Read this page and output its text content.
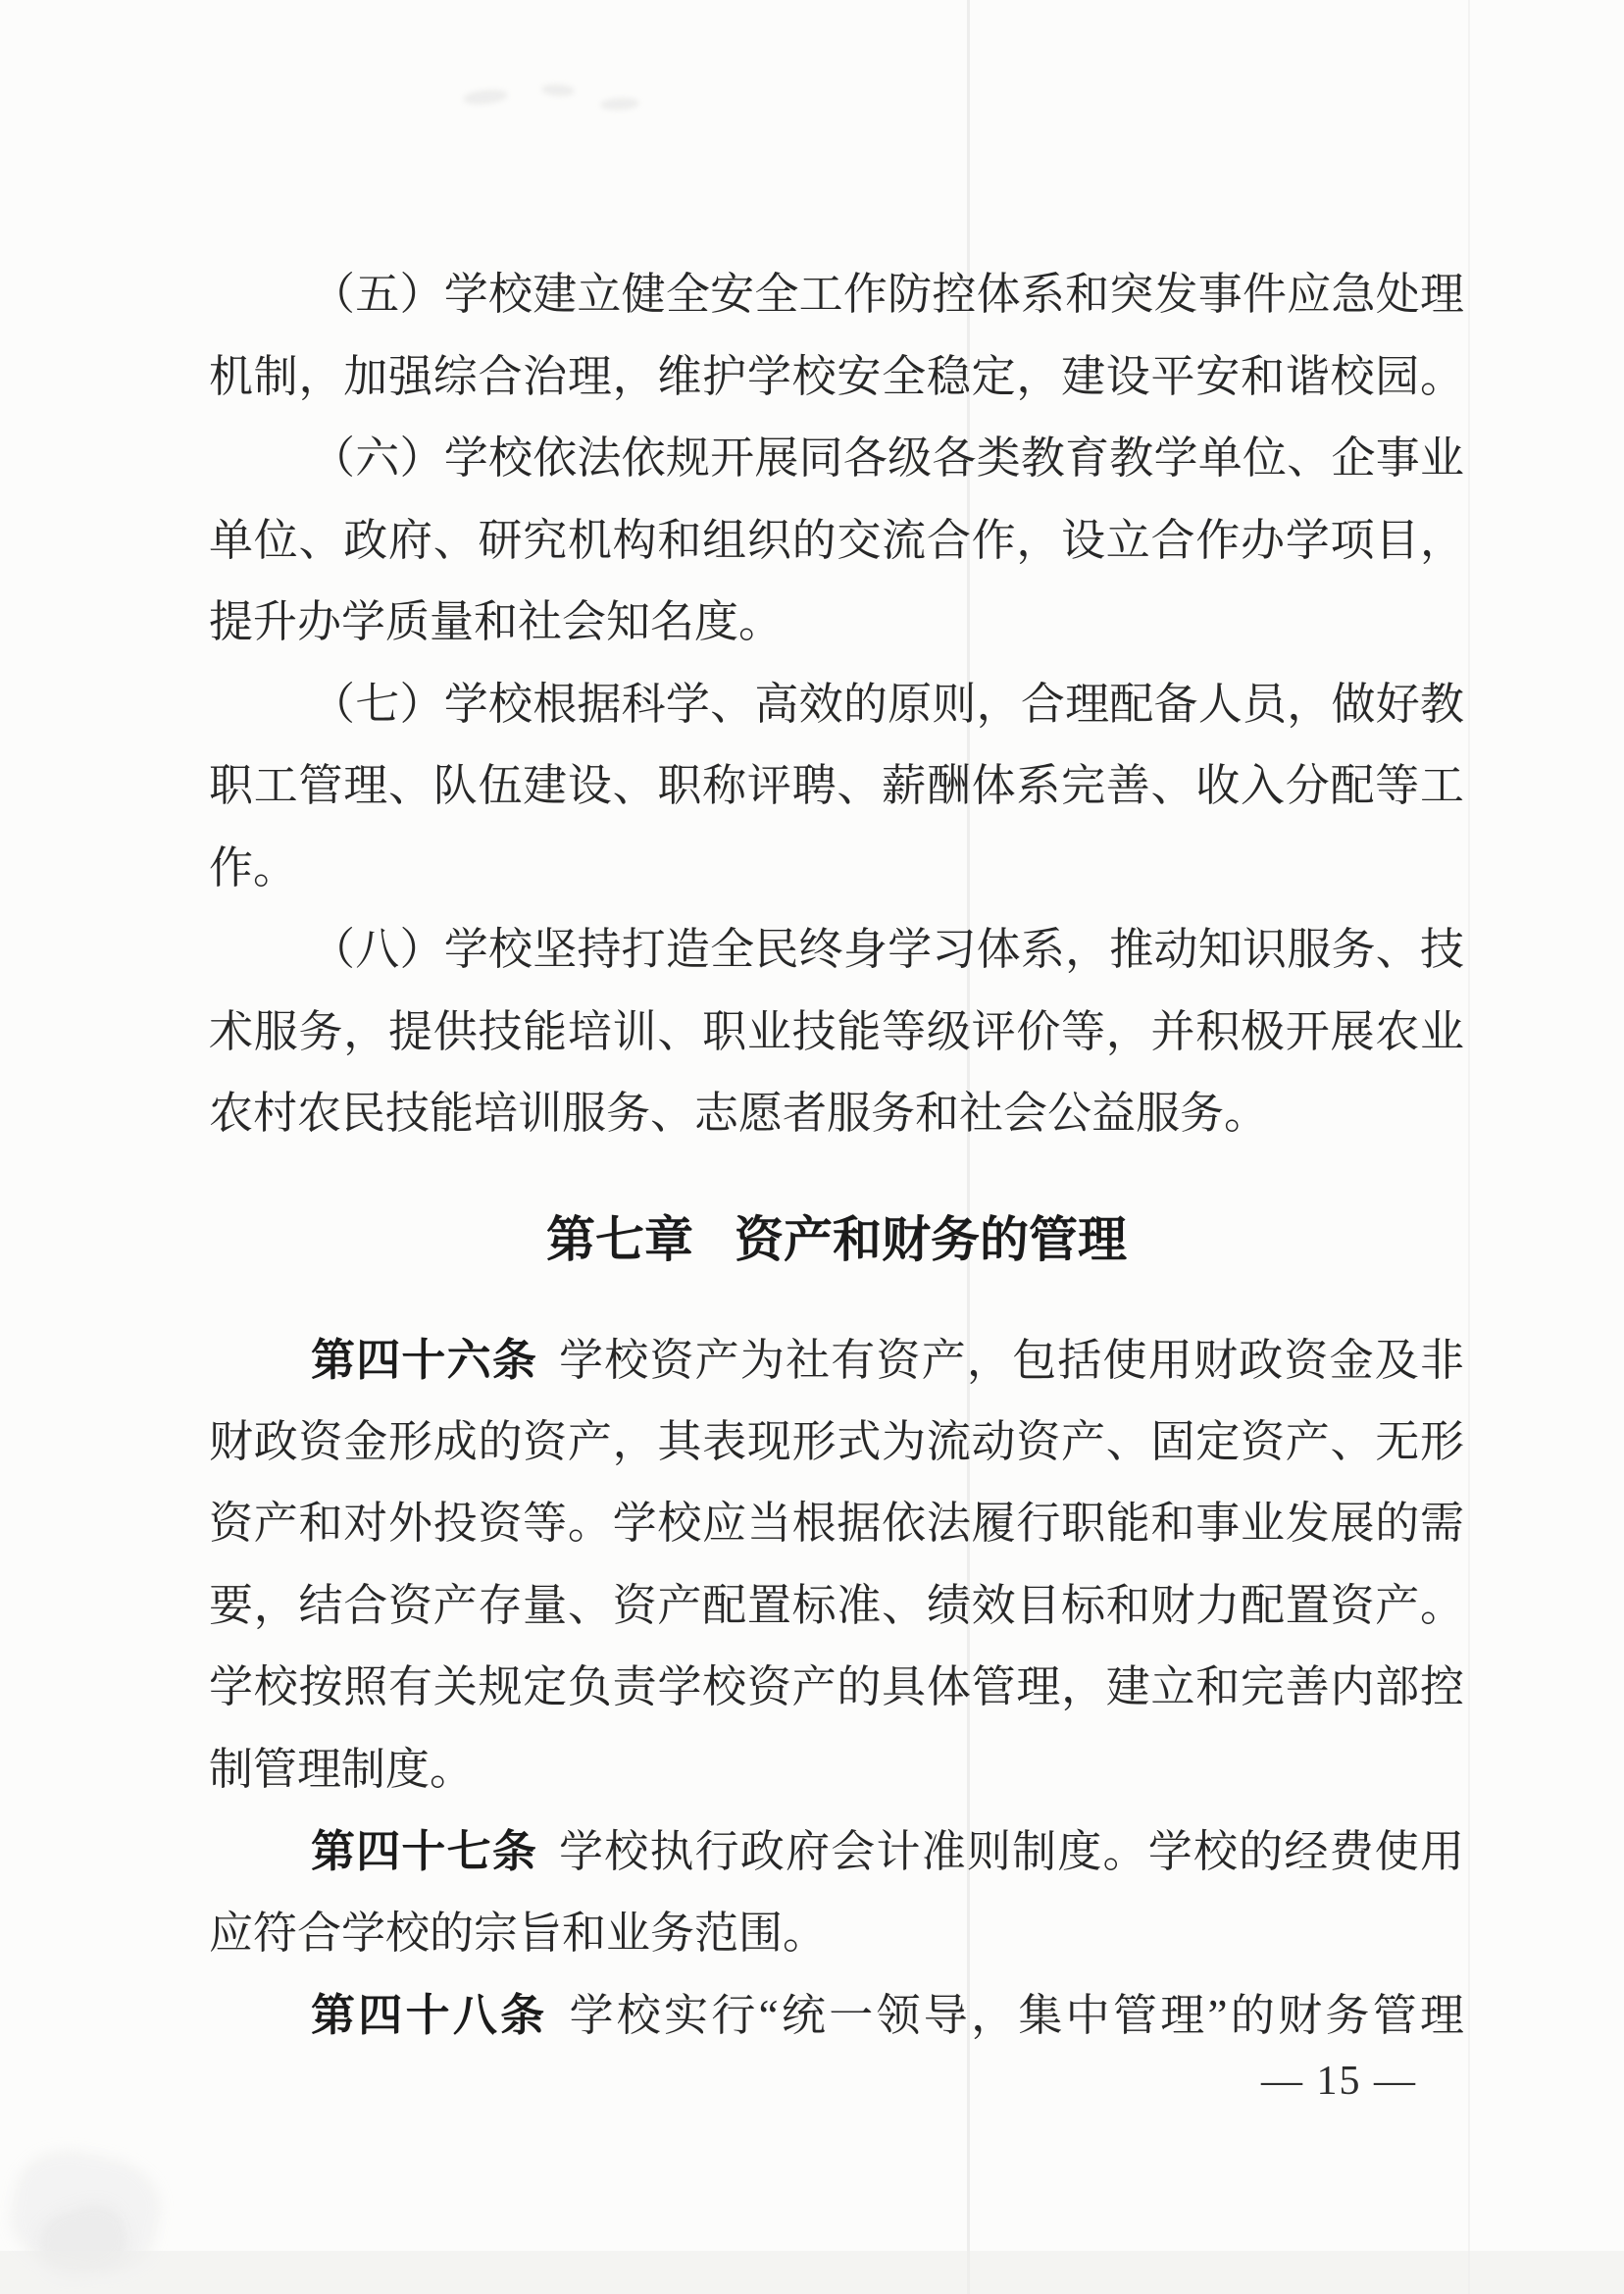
（五）学校建立健全安全工作防控体系和突发事件应急处理
机制，加强综合治理，维护学校安全稳定，建设平安和谐校园。
（六）学校依法依规开展同各级各类教育教学单位、企事业
单位、政府、研究机构和组织的交流合作，设立合作办学项目，
提升办学质量和社会知名度。
（七）学校根据科学、高效的原则，合理配备人员，做好教
职工管理、队伍建设、职称评聘、薪酬体系完善、收入分配等工
作。
（八）学校坚持打造全民终身学习体系，推动知识服务、技
术服务，提供技能培训、职业技能等级评价等，并积极开展农业
农村农民技能培训服务、志愿者服务和社会公益服务。
第七章 资产和财务的管理
第四十六条 学校资产为社有资产，包括使用财政资金及非
财政资金形成的资产，其表现形式为流动资产、固定资产、无形
资产和对外投资等。学校应当根据依法履行职能和事业发展的需
要，结合资产存量、资产配置标准、绩效目标和财力配置资产。
学校按照有关规定负责学校资产的具体管理，建立和完善内部控
制管理制度。
第四十七条 学校执行政府会计准则制度。学校的经费使用
应符合学校的宗旨和业务范围。
第四十八条 学校实行“统一领导，集中管理”的财务管理
— 15 —
